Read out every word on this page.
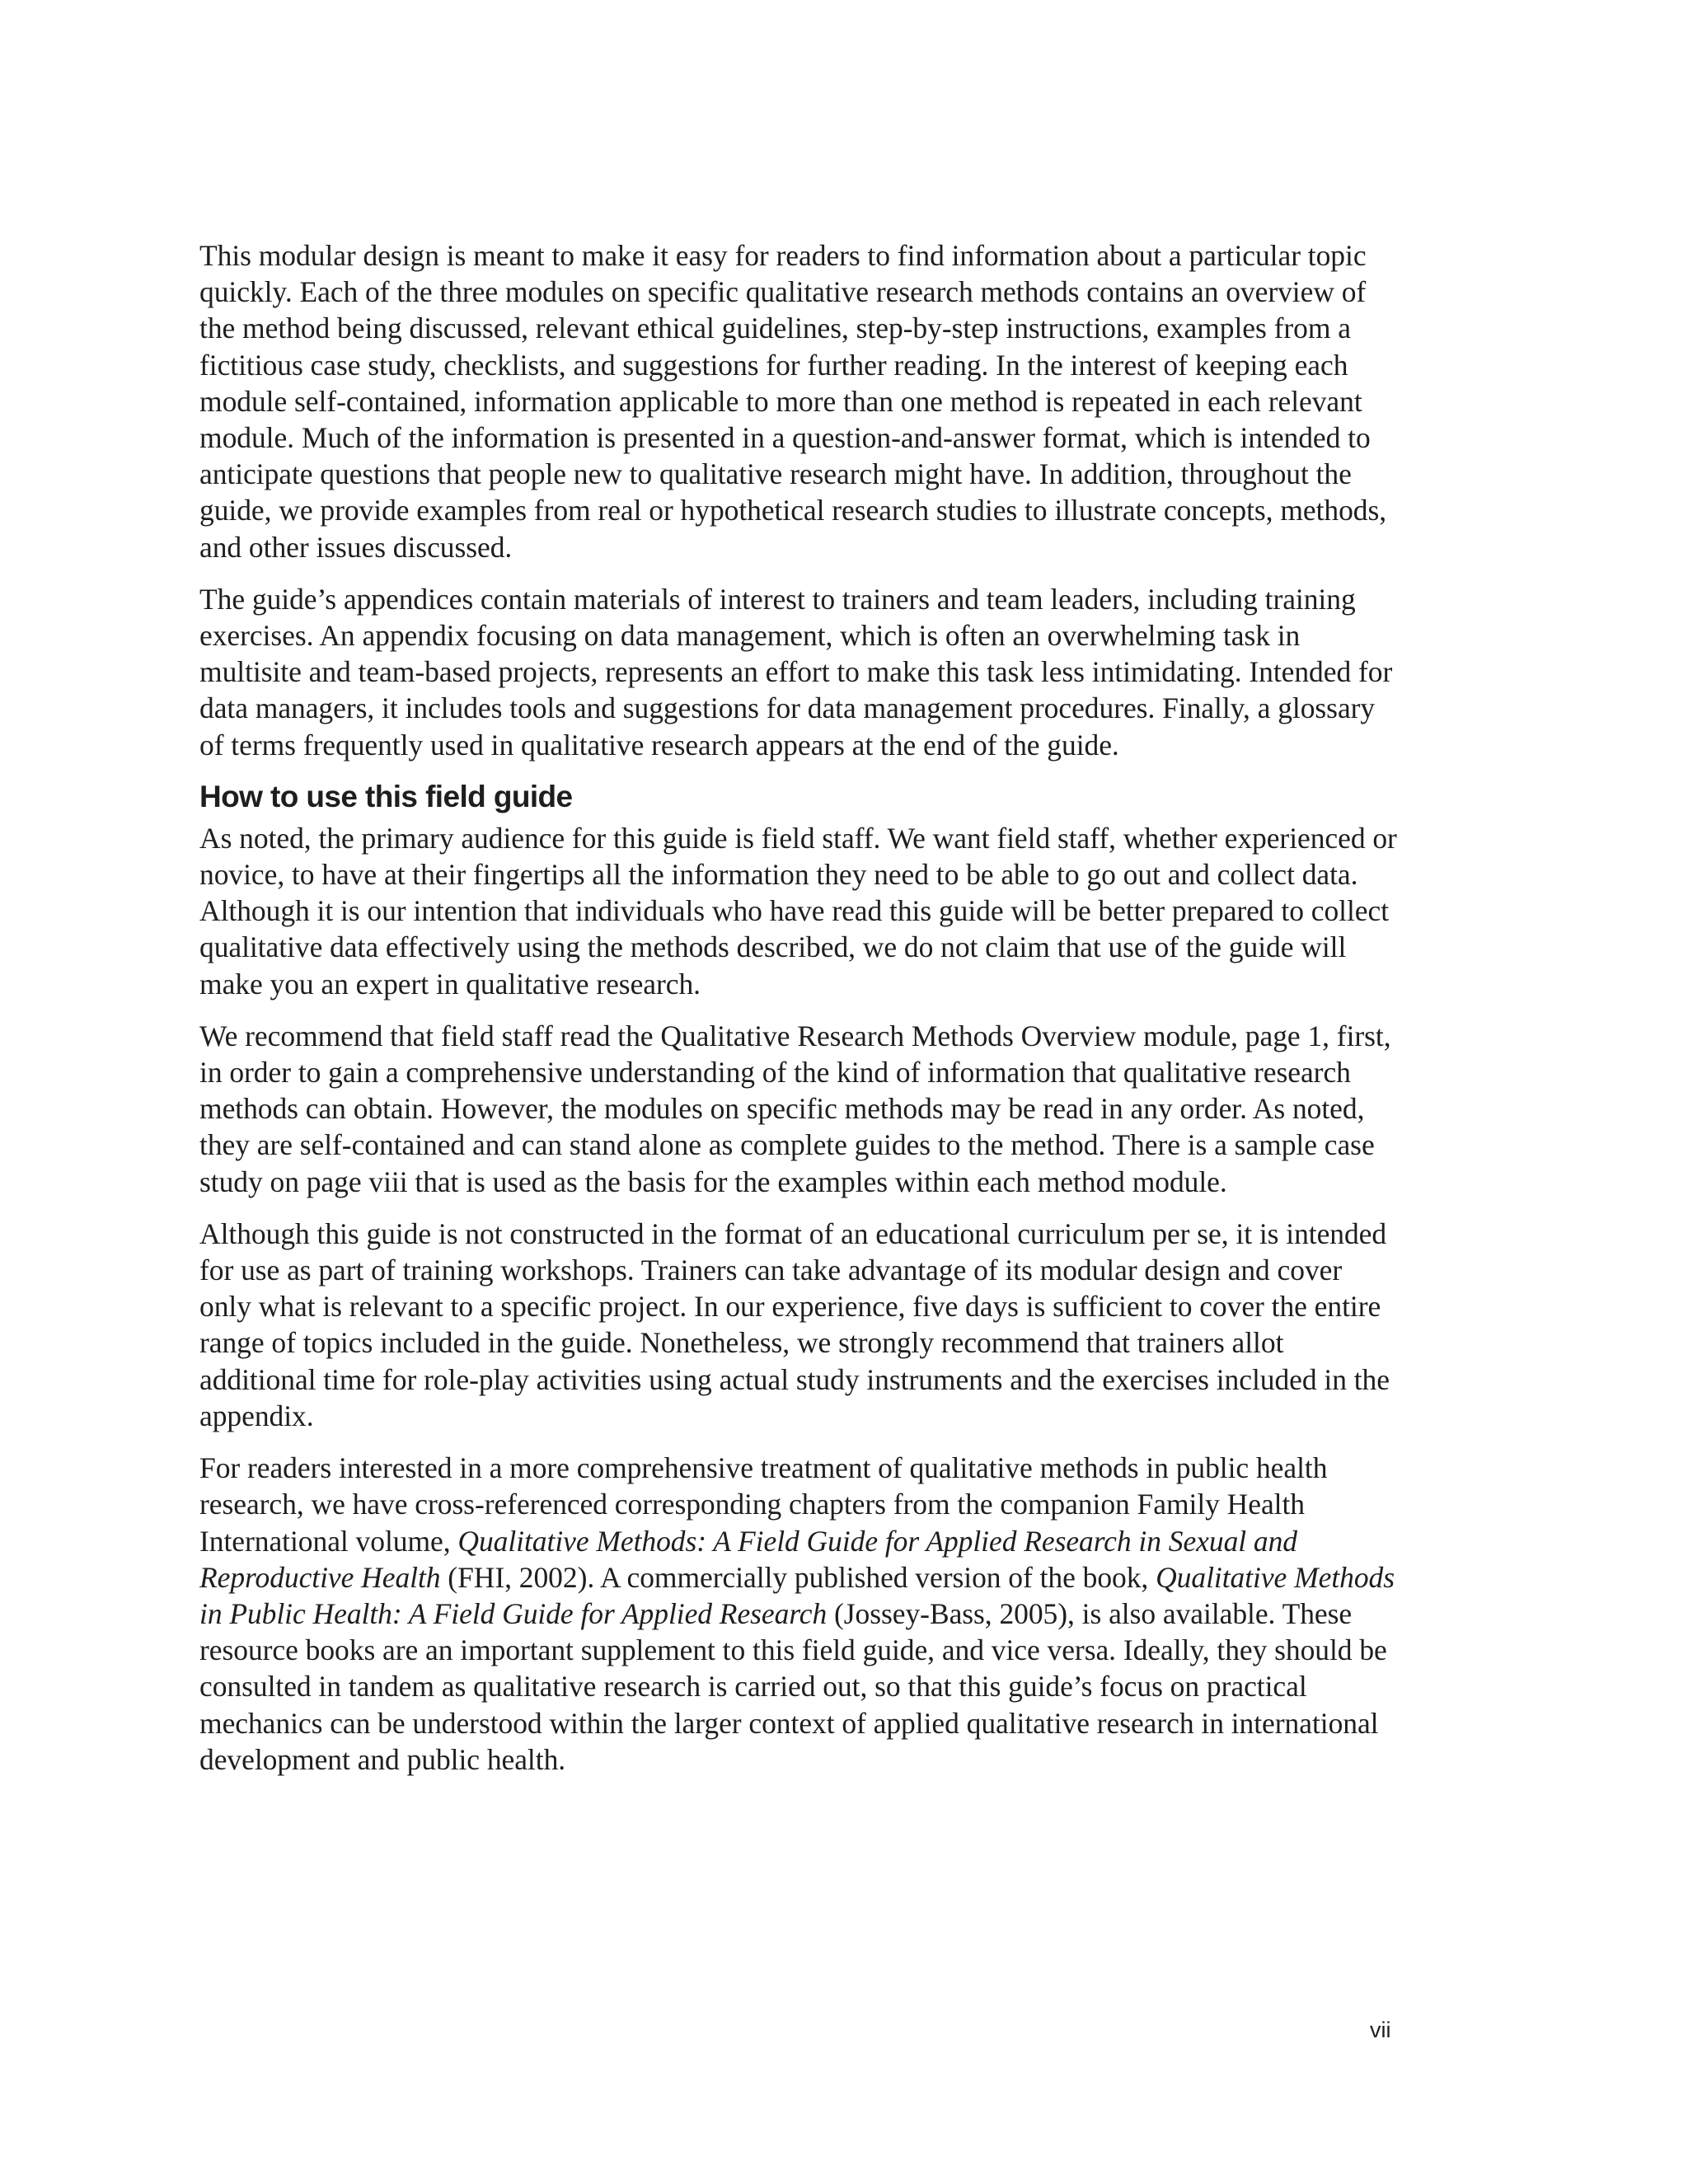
This modular design is meant to make it easy for readers to find information about a particular topic quickly. Each of the three modules on specific qualitative research methods contains an overview of the method being discussed, relevant ethical guidelines, step-by-step instructions, examples from a fictitious case study, checklists, and suggestions for further reading. In the interest of keeping each module self-contained, information applicable to more than one method is repeated in each relevant module. Much of the information is presented in a question-and-answer format, which is intended to anticipate questions that people new to qualitative research might have. In addition, throughout the guide, we provide examples from real or hypothetical research studies to illustrate concepts, methods, and other issues discussed.

The guide’s appendices contain materials of interest to trainers and team leaders, including training exercises. An appendix focusing on data management, which is often an overwhelming task in multisite and team-based projects, represents an effort to make this task less intimidating. Intended for data managers, it includes tools and suggestions for data management procedures. Finally, a glossary of terms frequently used in qualitative research appears at the end of the guide.

How to use this field guide

As noted, the primary audience for this guide is field staff. We want field staff, whether experienced or novice, to have at their fingertips all the information they need to be able to go out and collect data. Although it is our intention that individuals who have read this guide will be better prepared to collect qualitative data effectively using the methods described, we do not claim that use of the guide will make you an expert in qualitative research.

We recommend that field staff read the Qualitative Research Methods Overview module, page 1, first, in order to gain a comprehensive understanding of the kind of information that qualitative research methods can obtain. However, the modules on specific methods may be read in any order. As noted, they are self-contained and can stand alone as complete guides to the method. There is a sample case study on page viii that is used as the basis for the examples within each method module.

Although this guide is not constructed in the format of an educational curriculum per se, it is intended for use as part of training workshops. Trainers can take advantage of its modular design and cover only what is relevant to a specific project. In our experience, five days is sufficient to cover the entire range of topics included in the guide. Nonetheless, we strongly recommend that trainers allot additional time for role-play activities using actual study instruments and the exercises included in the appendix.

For readers interested in a more comprehensive treatment of qualitative methods in public health research, we have cross-referenced corresponding chapters from the companion Family Health International volume, Qualitative Methods: A Field Guide for Applied Research in Sexual and Reproductive Health (FHI, 2002). A commercially published version of the book, Qualitative Methods in Public Health: A Field Guide for Applied Research (Jossey-Bass, 2005), is also available. These resource books are an important supplement to this field guide, and vice versa. Ideally, they should be consulted in tandem as qualitative research is carried out, so that this guide’s focus on practical mechanics can be understood within the larger context of applied qualitative research in international development and public health.

vii
